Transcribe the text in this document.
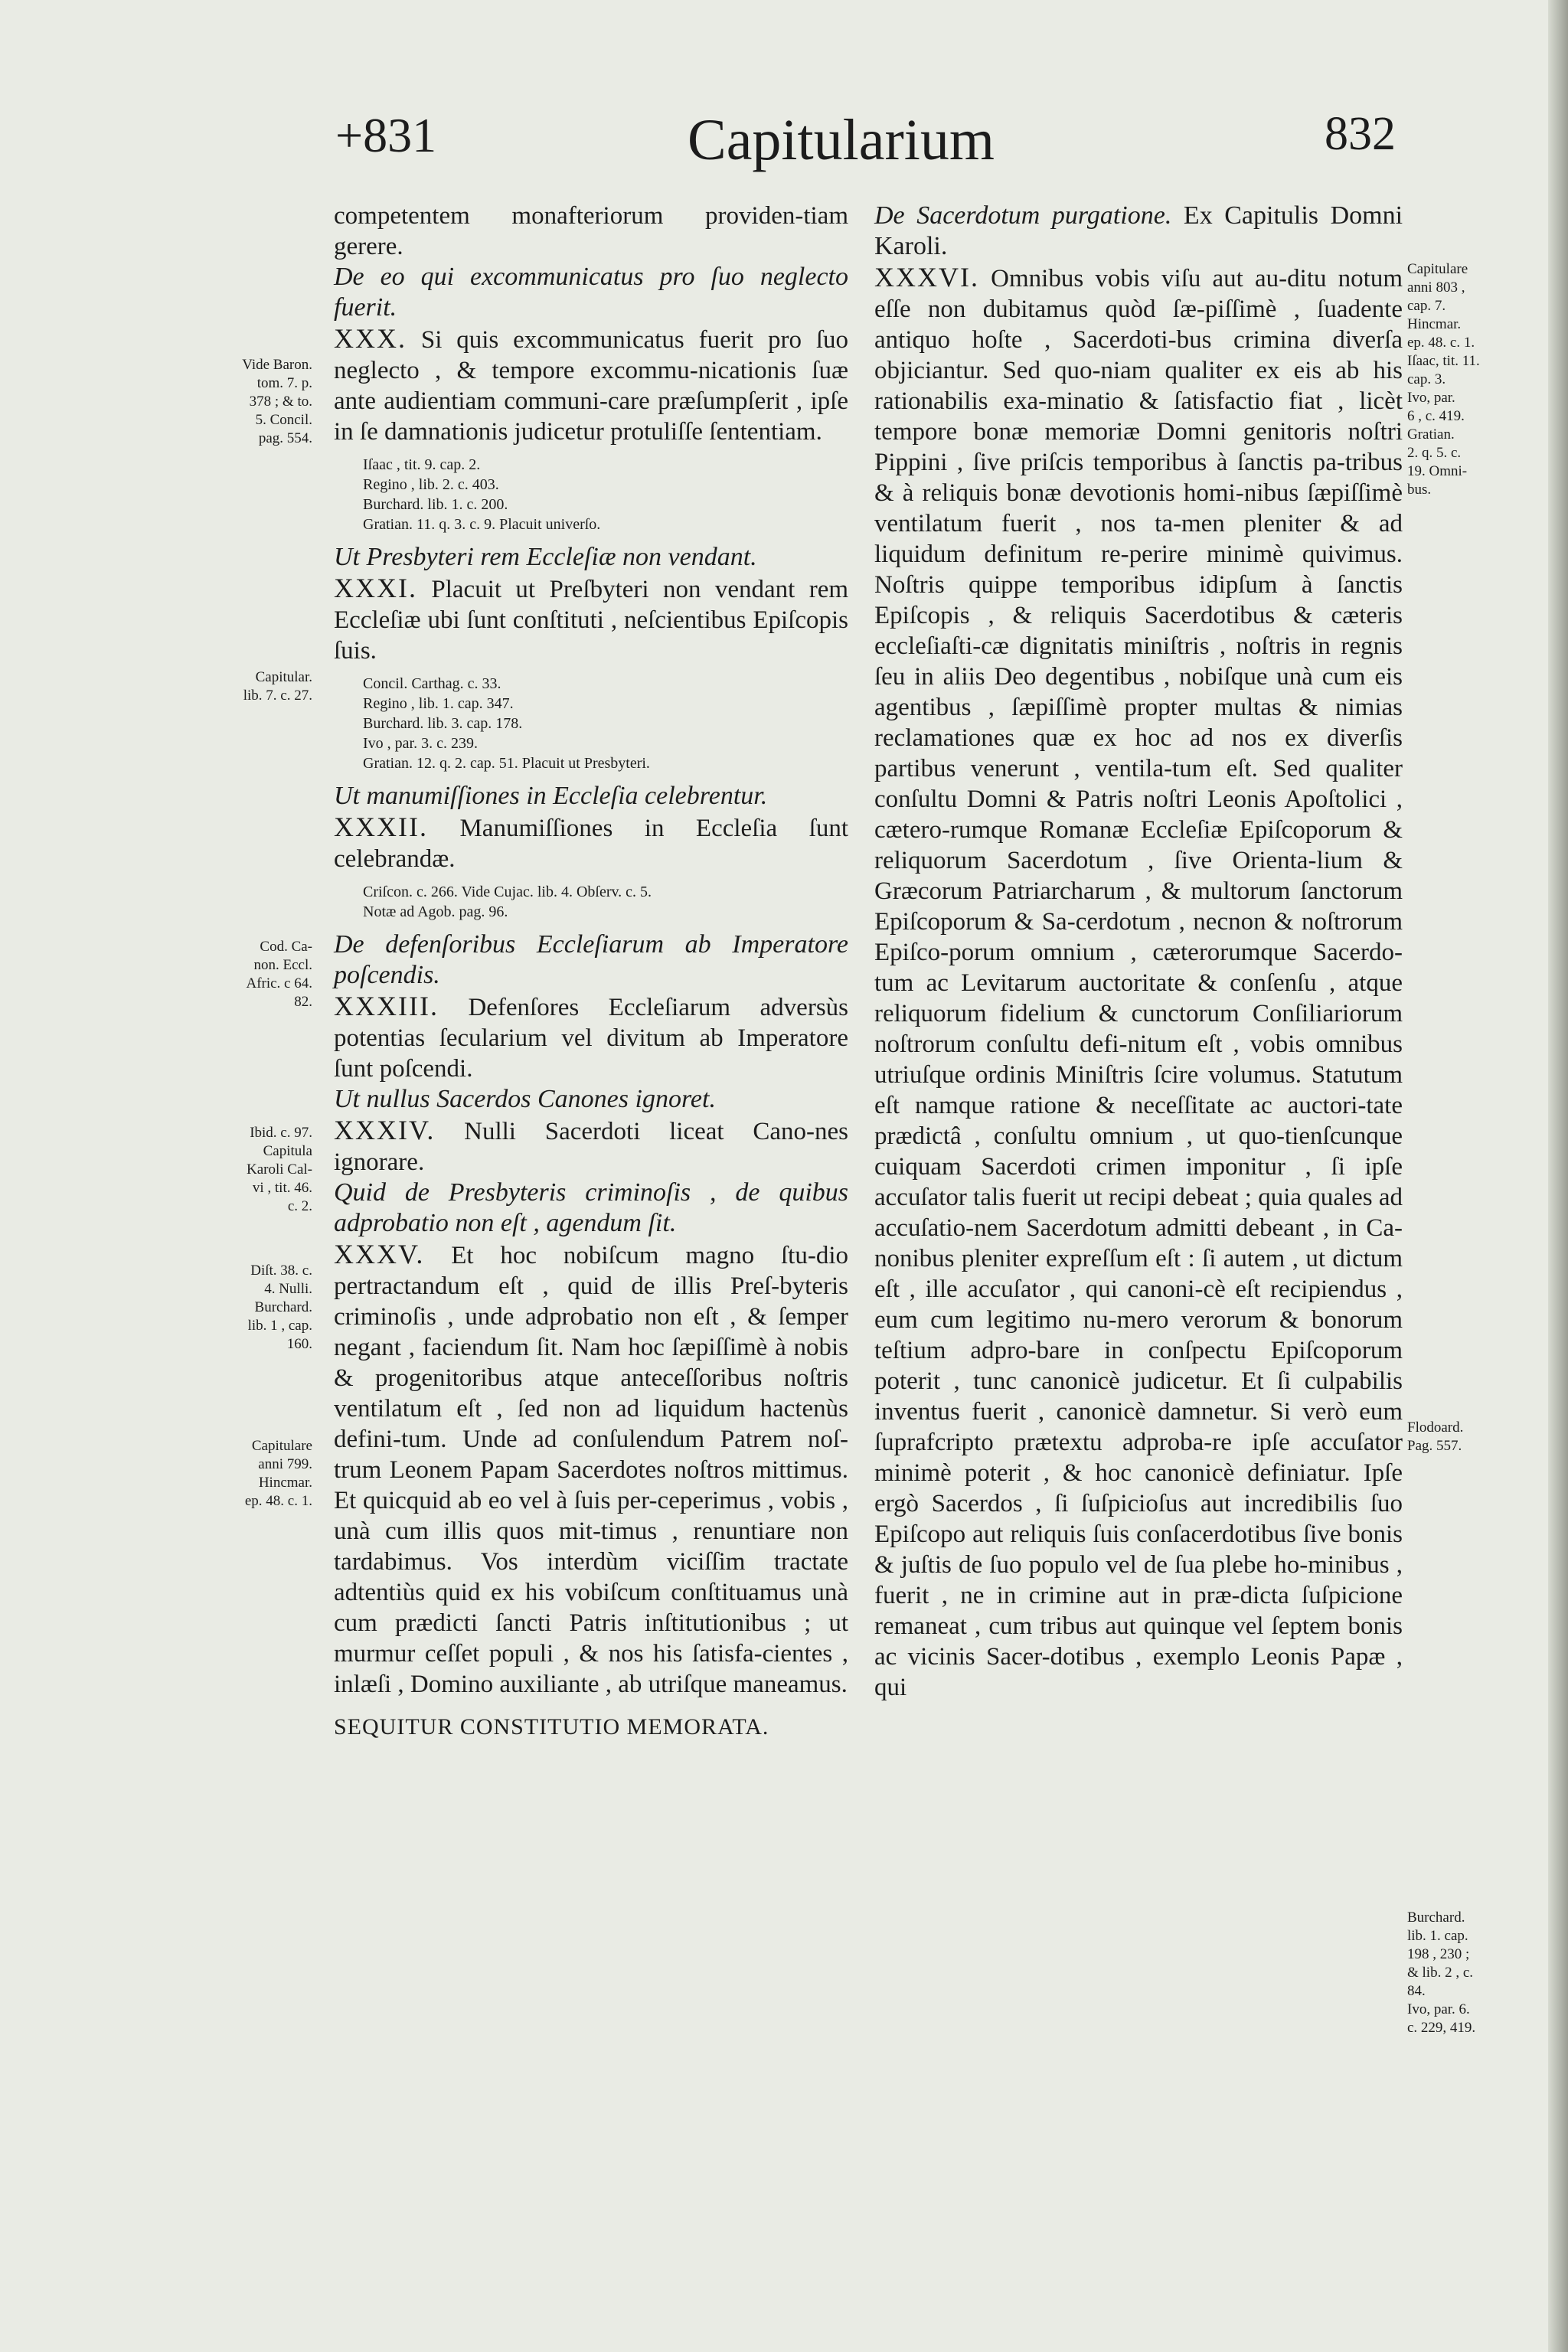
+831	Capitularium	832

competentem monafteriorum providen-tiam gerere.

De eo qui excommunicatus pro ſuo neglecto fuerit.

XXX. Si quis excommunicatus fuerit pro ſuo neglecto , & tempore excommu-nicationis ſuæ ante audientiam communi-care præſumpſerit , ipſe in ſe damnationis judicetur protuliſſe ſententiam.

Iſaac , tit. 9. cap. 2.
Regino , lib. 2. c. 403.
Burchard. lib. 1. c. 200.
Gratian. 11. q. 3. c. 9. Placuit univerſo.

Ut Presbyteri rem Eccleſiæ non vendant.

XXXI. Placuit ut Preſbyteri non vendant rem Eccleſiæ ubi ſunt conſtituti , neſcientibus Epiſcopis ſuis.

Concil. Carthag. c. 33.
Regino , lib. 1. cap. 347.
Burchard. lib. 3. cap. 178.
Ivo , par. 3. c. 239.
Gratian. 12. q. 2. cap. 51. Placuit ut Presbyteri.

Ut manumiſſiones in Eccleſia celebrentur.

XXXII. Manumiſſiones in Eccleſia ſunt celebrandæ.

Criſcon. c. 266. Vide Cujac. lib. 4. Obſerv. c. 5.
Notæ ad Agob. pag. 96.

De defenſoribus Eccleſiarum ab Imperatore poſcendis.

XXXIII. Defenſores Eccleſiarum adversùs potentias ſecularium vel divitum ab Imperatore ſunt poſcendi.

Ut nullus Sacerdos Canones ignoret.

XXXIV. Nulli Sacerdoti liceat Cano-nes ignorare.

Quid de Presbyteris criminoſis , de quibus adprobatio non eſt , agendum ſit.

XXXV. Et hoc nobiſcum magno ſtu-dio pertractandum eſt , quid de illis Preſ-byteris criminoſis , unde adprobatio non eſt , & ſemper negant , faciendum ſit. Nam hoc ſæpiſſimè à nobis & progenitoribus atque anteceſſoribus noſtris ventilatum eſt , ſed non ad liquidum hactenùs defini-tum. Unde ad conſulendum Patrem noſ-trum Leonem Papam Sacerdotes noſtros mittimus. Et quicquid ab eo vel à ſuis per-ceperimus , vobis , unà cum illis quos mit-timus , renuntiare non tardabimus. Vos interdùm viciſſim tractate adtentiùs quid ex his vobiſcum conſtituamus unà cum prædicti ſancti Patris inſtitutionibus ; ut murmur ceſſet populi , & nos his ſatisfa-cientes , inlæſi , Domino auxiliante , ab utriſque maneamus.

SEQUITUR CONSTITUTIO MEMORATA.

De Sacerdotum purgatione. Ex Capitulis Domni Karoli.

XXXVI. Omnibus vobis viſu aut au-ditu notum eſſe non dubitamus quòd ſæ-piſſimè , ſuadente antiquo hoſte , Sacerdoti-bus crimina diverſa objiciantur. Sed quo-niam qualiter ex eis ab his rationabilis exa-minatio & ſatisfactio fiat , licèt tempore bonæ memoriæ Domni genitoris noſtri Pippini , ſive priſcis temporibus à ſanctis pa-tribus & à reliquis bonæ devotionis homi-nibus ſæpiſſimè ventilatum fuerit , nos ta-men pleniter & ad liquidum definitum re-perire minimè quivimus. Noſtris quippe temporibus idipſum à ſanctis Epiſcopis , & reliquis Sacerdotibus & cæteris eccleſiaſti-cæ dignitatis miniſtris , noſtris in regnis ſeu in aliis Deo degentibus , nobiſque unà cum eis agentibus , ſæpiſſimè propter multas & nimias reclamationes quæ ex hoc ad nos ex diverſis partibus venerunt , ventila-tum eſt. Sed qualiter conſultu Domni & Patris noſtri Leonis Apoſtolici , cætero-rumque Romanæ Eccleſiæ Epiſcoporum & reliquorum Sacerdotum , ſive Orienta-lium & Græcorum Patriarcharum , & multorum ſanctorum Epiſcoporum & Sa-cerdotum , necnon & noſtrorum Epiſco-porum omnium , cæterorumque Sacerdo-tum ac Levitarum auctoritate & conſenſu , atque reliquorum fidelium & cunctorum Conſiliariorum noſtrorum conſultu defi-nitum eſt , vobis omnibus utriuſque ordinis Miniſtris ſcire volumus. Statutum eſt namque ratione & neceſſitate ac auctori-tate prædictâ , conſultu omnium , ut quo-tienſcunque cuiquam Sacerdoti crimen imponitur , ſi ipſe accuſator talis fuerit ut recipi debeat ; quia quales ad accuſatio-nem Sacerdotum admitti debeant , in Ca-nonibus pleniter expreſſum eſt : ſi autem , ut dictum eſt , ille accuſator , qui canoni-cè eſt recipiendus , eum cum legitimo nu-mero verorum & bonorum teſtium adpro-bare in conſpectu Epiſcoporum poterit , tunc canonicè judicetur. Et ſi culpabilis inventus fuerit , canonicè damnetur. Si verò eum ſuprafcripto prætextu adproba-re ipſe accuſator minimè poterit , & hoc canonicè definiatur. Ipſe ergò Sacerdos , ſi ſuſpicioſus aut incredibilis ſuo Epiſcopo aut reliquis ſuis conſacerdotibus ſive bonis & juſtis de ſuo populo vel de ſua plebe ho-minibus , fuerit , ne in crimine aut in præ-dicta ſuſpicione remaneat , cum tribus aut quinque vel ſeptem bonis ac vicinis Sacer-dotibus , exemplo Leonis Papæ , qui

Vide Baron.
tom. 7. p.
378 ; & to.
5. Concil.
pag. 554.
Capitular.
lib. 7. c. 27.
Cod. Ca-
non. Eccl.
Afric. c 64.
82.
Ibid. c. 97.
Capitula
Karoli Cal-
vi , tit. 46.
c. 2.
Diſt. 38. c.
4. Nulli.
Burchard.
lib. 1 , cap.
160.
Capitulare
anni 799.
Hincmar.
ep. 48. c. 1.
Capitulare
anni 803 ,
cap. 7.
Hincmar.
ep. 48. c. 1.
Iſaac, tit. 11.
cap. 3.
Ivo, par.
6 , c. 419.
Gratian.
2. q. 5. c.
19. Omni-
bus.
Flodoard.
Pag. 557.
Burchard.
lib. 1. cap.
198 , 230 ;
& lib. 2 , c.
84.
Ivo, par. 6.
c. 229, 419.
